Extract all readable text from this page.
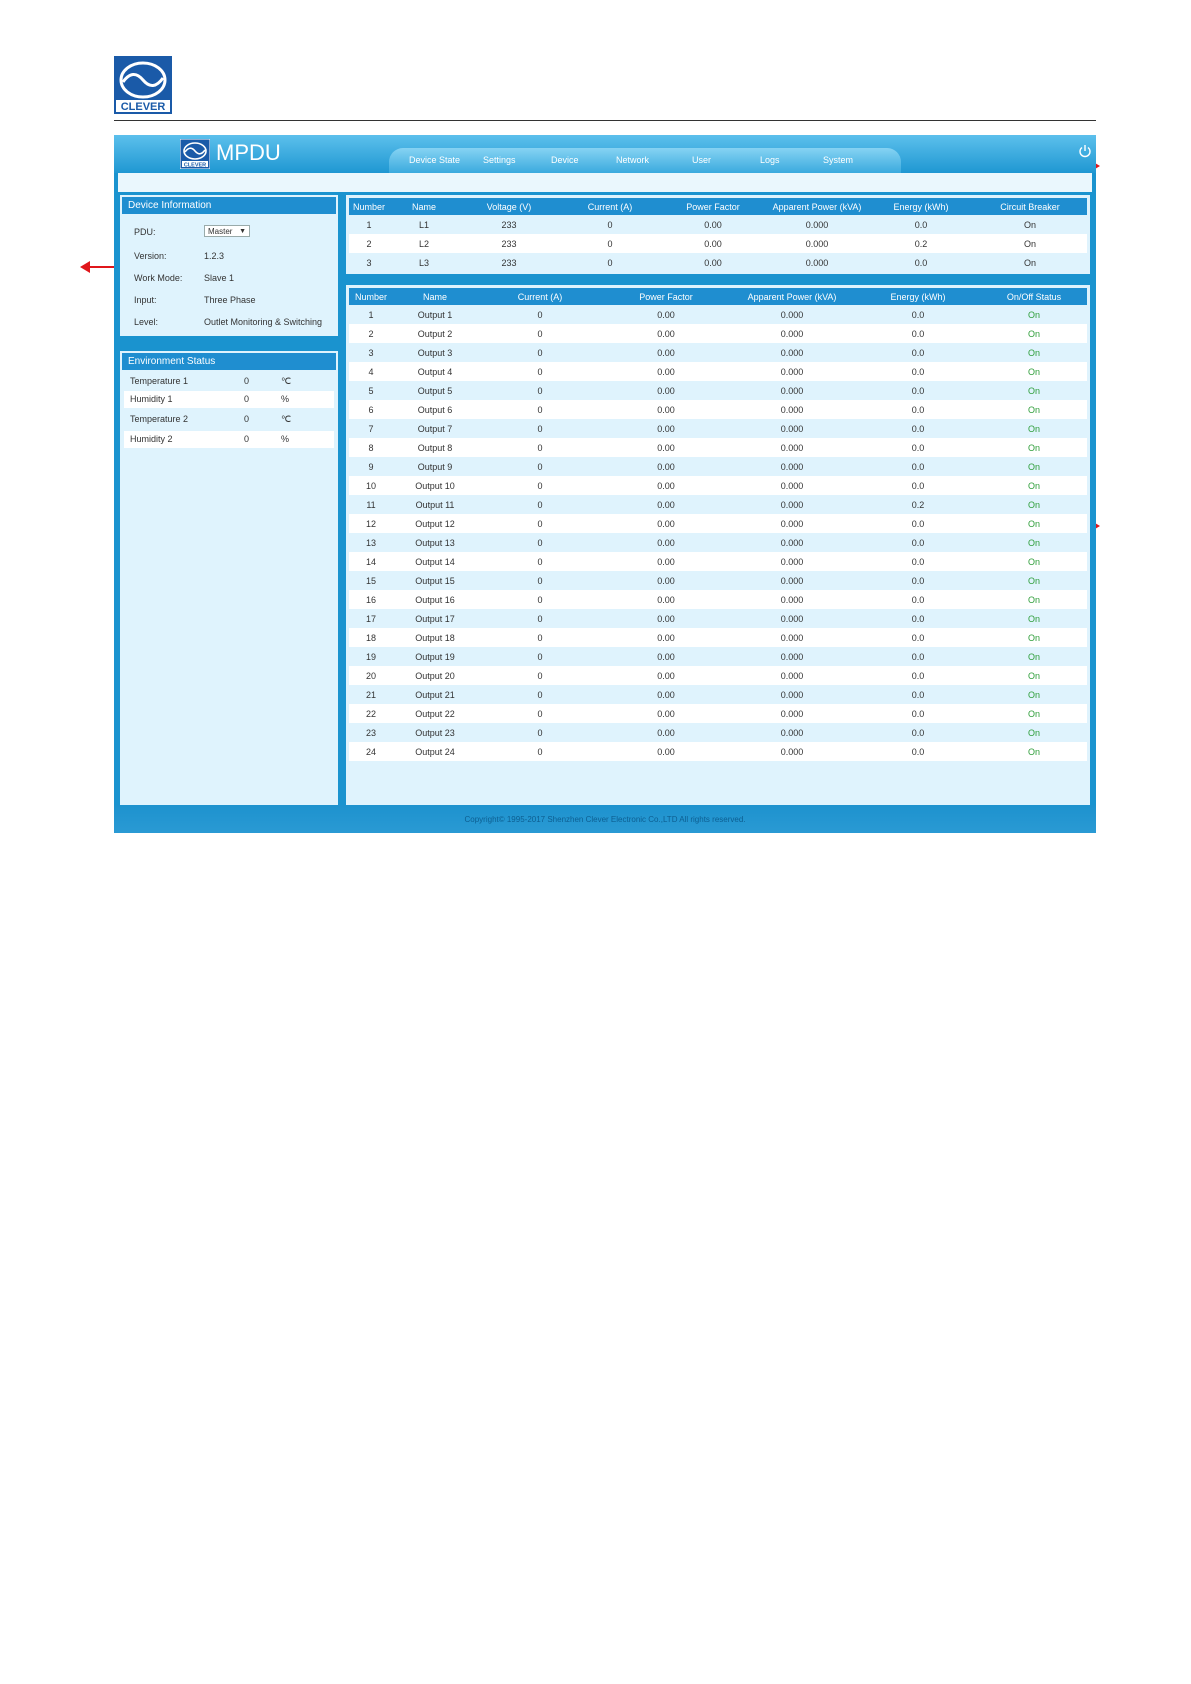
CLEVER
CLEVER
MPDU	Device State	Settings	Device	Network	User	Logs	System
Device Information
PDU:	Master ▼
Version:	1.2.3
Work Mode: Slave 1
Input:	Three Phase
Level:	Outlet Monitoring & Switching
Environment Status
Temperature 1	0	℃
Humidity 1	0	%
Temperature 2	0	℃
Humidity 2	0	%
Number	Name	Voltage (V)	Current (A)	Power Factor	Apparent Power (kVA)	Energy (kWh)	Circuit Breaker
1	L1	233	0	0.00	0.000	0.0	On
2	L2	233	0	0.00	0.000	0.2	On
3	L3	233	0	0.00	0.000	0.0	On
Number	Name	Current (A)	Power Factor	Apparent Power (kVA)	Energy (kWh)	On/Off Status
1	Output 1	0	0.00	0.000	0.0	On
2	Output 2	0	0.00	0.000	0.0	On
3	Output 3	0	0.00	0.000	0.0	On
4	Output 4	0	0.00	0.000	0.0	On
5	Output 5	0	0.00	0.000	0.0	On
6	Output 6	0	0.00	0.000	0.0	On
7	Output 7	0	0.00	0.000	0.0	On
8	Output 8	0	0.00	0.000	0.0	On
9	Output 9	0	0.00	0.000	0.0	On
10	Output 10	0	0.00	0.000	0.0	On
11	Output 11	0	0.00	0.000	0.2	On
12	Output 12	0	0.00	0.000	0.0	On
13	Output 13	0	0.00	0.000	0.0	On
14	Output 14	0	0.00	0.000	0.0	On
15	Output 15	0	0.00	0.000	0.0	On
16	Output 16	0	0.00	0.000	0.0	On
17	Output 17	0	0.00	0.000	0.0	On
18	Output 18	0	0.00	0.000	0.0	On
19	Output 19	0	0.00	0.000	0.0	On
20	Output 20	0	0.00	0.000	0.0	On
21	Output 21	0	0.00	0.000	0.0	On
22	Output 22	0	0.00	0.000	0.0	On
23	Output 23	0	0.00	0.000	0.0	On
24	Output 24	0	0.00	0.000	0.0	On
Copyright© 1995-2017 Shenzhen Clever Electronic Co.,LTD All rights reserved.
